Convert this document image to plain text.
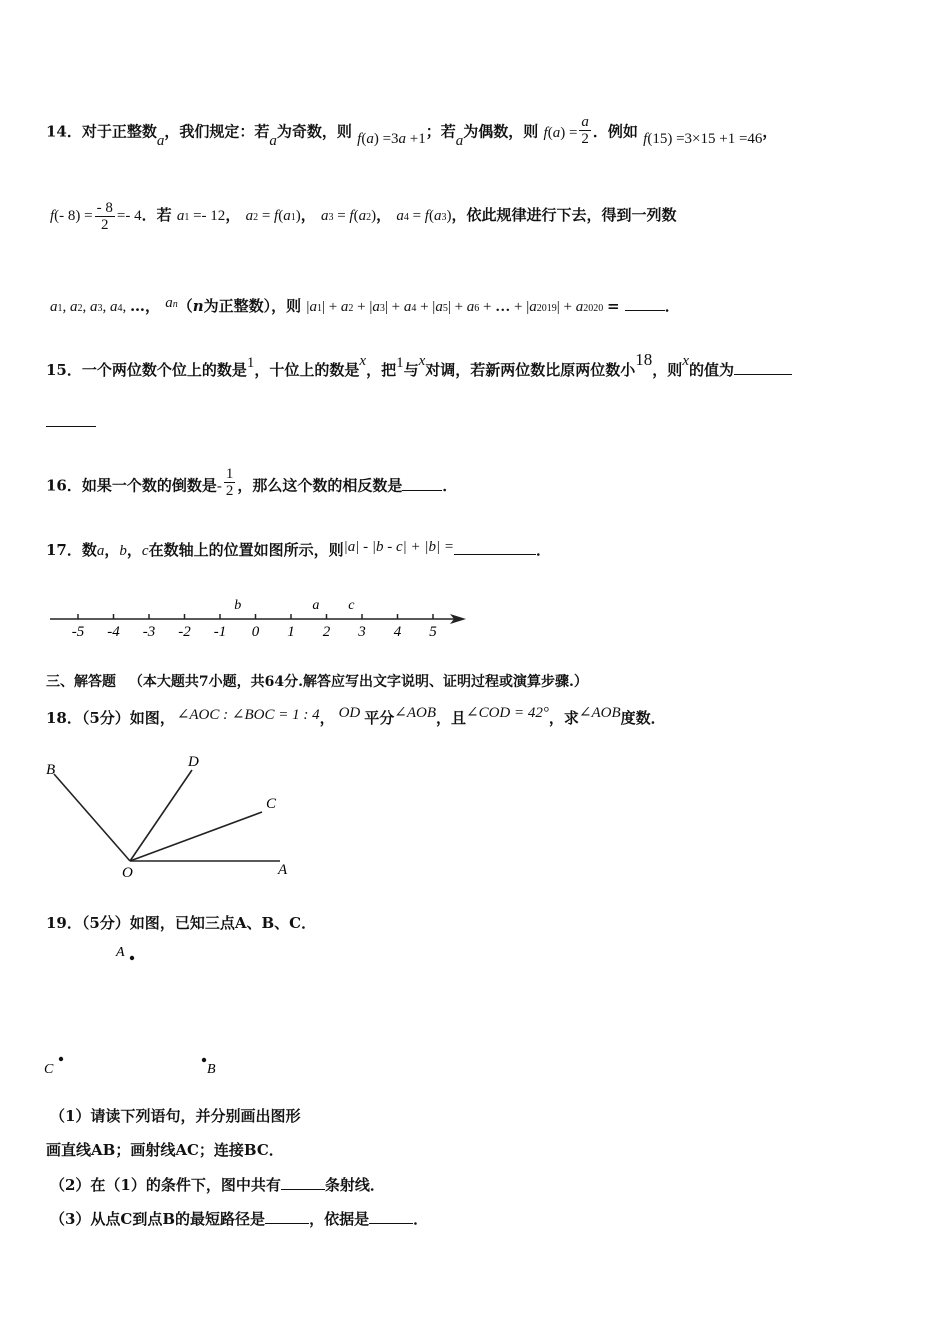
14．对于正整数a，我们规定：若a为奇数，则 f(a) =3a +1；若a为偶数，则 $f(a) = \frac{a}{2}$ ．例如 f(15) =3×15 +1 =46，
f(- $8) = \frac{- 8}{2} =- 4$．若 a1 =- 12， a2 = f(a1)， a3 = f(a2)， a4 = f(a3)，依此规律进行下去，得到一列数
a1, a2, a3, a4, …， an（n为正整数），则 |a1| + a2 + |a3| + a4 + |a5| + a6 + … + |a2019| + a2020 =	．
15．一个两位数个位上的数是1，十位上的数是x，把1与x对调，若新两位数比原两位数小18，则x的值为
16．如果一个数的倒数是- $\frac{1}{2}$ ，那么这个数的相反数是	．
17．数a，b，c在数轴上的位置如图所示，则|a| - |b - c| + |b| =	．
-5 -4 -3 -2 -1 0 1 2 3 4 5
b	a c
三、解答题 （本大题共7小题，共64分.解答应写出文字说明、证明过程或演算步骤.）
18．（5分）如图， ∠AOC : ∠BOC = 1 : 4， OD 平分∠AOB，且∠COD = 42°，求∠AOB度数．
B	D
C
O	A
19．（5分）如图，已知三点A、B、C．
A
C	B
（1）请读下列语句，并分别画出图形
画直线AB；画射线AC；连接BC．
（2）在（1）的条件下，图中共有	条射线．
（3）从点C到点B的最短路径是	，依据是	．
